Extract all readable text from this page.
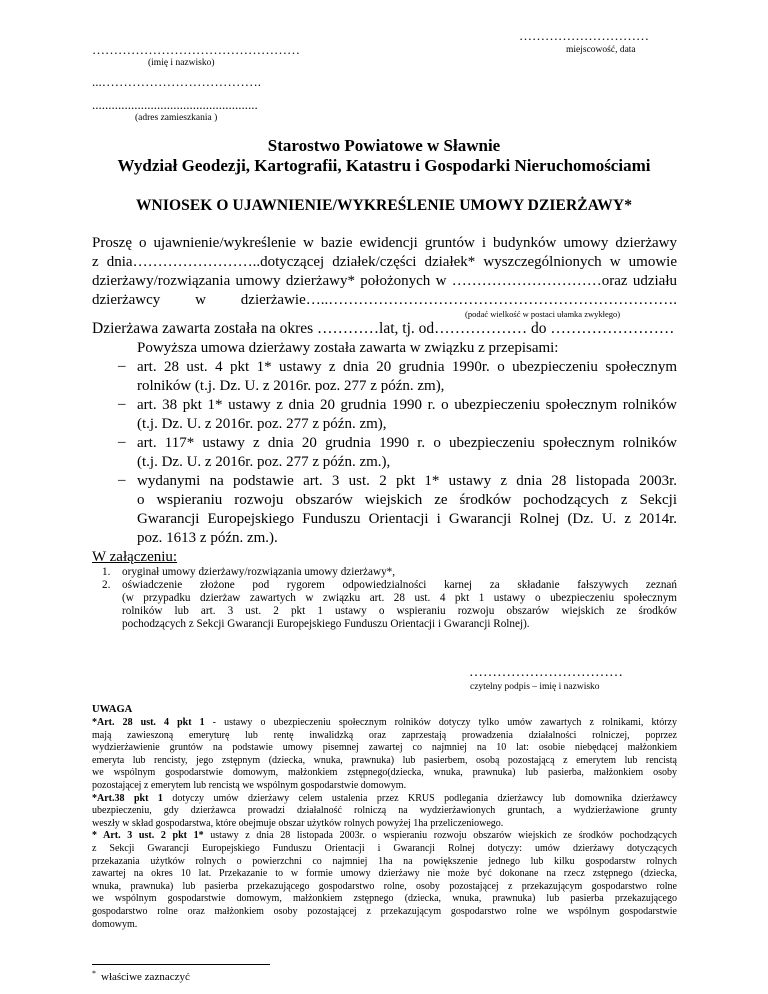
…………………………
miejscowość, data
…………………………………………
(imię i nazwisko)
...……………………………….
...................................................
(adres zamieszkania )
Starostwo Powiatowe w Sławnie
Wydział Geodezji, Kartografii, Katastru i Gospodarki Nieruchomościami
WNIOSEK O UJAWNIENIE/WYKREŚLENIE UMOWY DZIERŻAWY*
Proszę o ujawnienie/wykreślenie w bazie ewidencji gruntów i budynków umowy dzierżawy
z dnia……………………..dotyczącej działek/części działek* wyszczególnionych w umowie
dzierżawy/rozwiązania umowy dzierżawy* położonych w …………………………oraz udziału
dzierżawcy w dzierżawie…..…………………………………………………………….
(podać wielkość w postaci ułamka zwykłego)
Dzierżawa zawarta została na okres …………lat, tj. od……………… do ……………………
Powyższa umowa dzierżawy została zawarta w związku z przepisami:
– art. 28 ust. 4 pkt 1* ustawy z dnia 20 grudnia 1990r. o ubezpieczeniu społecznym
rolników (t.j. Dz. U. z 2016r. poz. 277 z późn. zm),
– art. 38 pkt 1* ustawy z dnia 20 grudnia 1990 r. o ubezpieczeniu społecznym rolników
(t.j. Dz. U. z 2016r. poz. 277 z późn. zm),
– art. 117* ustawy z dnia 20 grudnia 1990 r. o ubezpieczeniu społecznym rolników
(t.j. Dz. U. z 2016r. poz. 277 z późn. zm.),
– wydanymi na podstawie art. 3 ust. 2 pkt 1* ustawy z dnia 28 listopada 2003r.
o wspieraniu rozwoju obszarów wiejskich ze środków pochodzących z Sekcji
Gwarancji Europejskiego Funduszu Orientacji i Gwarancji Rolnej (Dz. U. z 2014r.
poz. 1613 z późn. zm.).
W załączeniu:
1. oryginał umowy dzierżawy/rozwiązania umowy dzierżawy*,
2. oświadczenie złożone pod rygorem odpowiedzialności karnej za składanie fałszywych zeznań
(w przypadku dzierżaw zawartych w związku art. 28 ust. 4 pkt 1 ustawy o ubezpieczeniu społecznym
rolników lub art. 3 ust. 2 pkt 1 ustawy o wspieraniu rozwoju obszarów wiejskich ze środków
pochodzących z Sekcji Gwarancji Europejskiego Funduszu Orientacji i Gwarancji Rolnej).
……………………………
czytelny podpis – imię i nazwisko
UWAGA
*Art. 28 ust. 4 pkt 1 - ustawy o ubezpieczeniu społecznym rolników dotyczy tylko umów zawartych z rolnikami, którzy
mają zawieszoną emeryturę lub rentę inwalidzką oraz zaprzestają prowadzenia działalności rolniczej, poprzez
wydzierżawienie gruntów na podstawie umowy pisemnej zawartej co najmniej na 10 lat: osobie niebędącej małżonkiem
emeryta lub rencisty, jego zstępnym (dziecka, wnuka, prawnuka) lub pasierbem, osobą pozostającą z emerytem lub rencistą
we wspólnym gospodarstwie domowym, małżonkiem zstępnego(dziecka, wnuka, prawnuka) lub pasierba, małżonkiem osoby
pozostającej z emerytem lub rencistą we wspólnym gospodarstwie domowym.
*Art.38 pkt 1 dotyczy umów dzierżawy celem ustalenia przez KRUS podlegania dzierżawcy lub domownika dzierżawcy
ubezpieczeniu, gdy dzierżawca prowadzi działalność rolniczą na wydzierżawionych gruntach, a wydzierżawione grunty
weszły w skład gospodarstwa, które obejmuje obszar użytków rolnych powyżej 1ha przeliczeniowego.
* Art. 3 ust. 2 pkt 1* ustawy z dnia 28 listopada 2003r. o wspieraniu rozwoju obszarów wiejskich ze środków pochodzących
z Sekcji Gwarancji Europejskiego Funduszu Orientacji i Gwarancji Rolnej dotyczy: umów dzierżawy dotyczących
przekazania użytków rolnych o powierzchni co najmniej 1ha na powiększenie jednego lub kilku gospodarstw rolnych
zawartej na okres 10 lat. Przekazanie to w formie umowy dzierżawy nie może być dokonane na rzecz zstępnego (dziecka,
wnuka, prawnuka) lub pasierba przekazującego gospodarstwo rolne, osoby pozostającej z przekazującym gospodarstwo rolne
we wspólnym gospodarstwie domowym, małżonkiem zstępnego (dziecka, wnuka, prawnuka) lub pasierba przekazującego
gospodarstwo rolne oraz małżonkiem osoby pozostającej z przekazującym gospodarstwo rolne we wspólnym gospodarstwie
domowym.
* właściwe zaznaczyć
